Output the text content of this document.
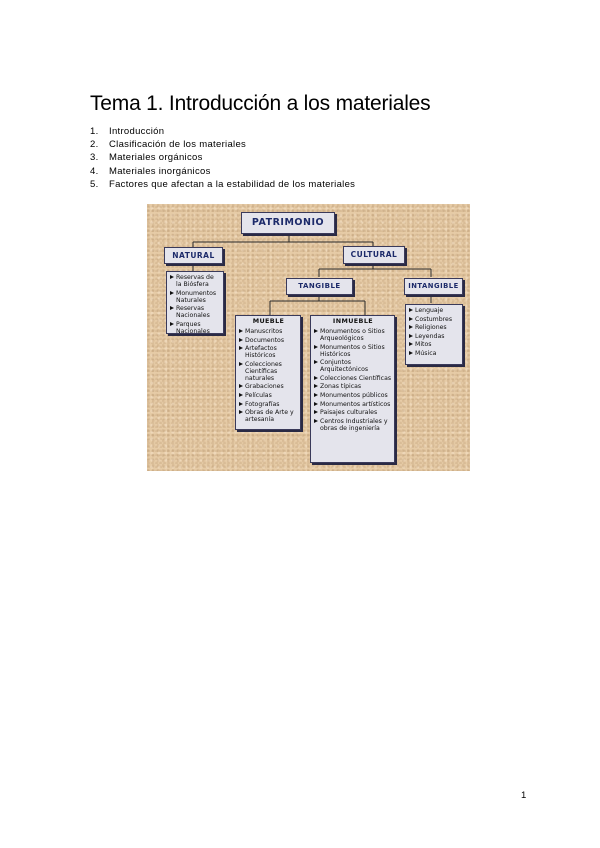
Tema 1. Introducción a los materiales
1.	Introducción
2.	Clasificación de los materiales
3.	Materiales orgánicos
4.	Materiales inorgánicos
5.	Factores que afectan a la estabilidad de los materiales
PATRIMONIO
NATURAL	CULTURAL
TANGIBLE	INTANGIBLE
Reservas de la Biósfera
Monumentos Naturales
Reservas Nacionales
Parques Nacionales
Lenguaje
Costumbres
Religiones
Leyendas
Mitos
Música
MUEBLE
Manuscritos
Documentos
Artefactos Históricos
Colecciones Científicas naturales
Grabaciones
Películas
Fotografías
Obras de Arte y artesanía
INMUEBLE
Monumentos o Sitios Arqueológicos
Monumentos o Sitios Históricos
Conjuntos Arquitectónicos
Colecciones Científicas
Zonas típicas
Monumentos públicos
Monumentos artísticos
Paisajes culturales
Centros Industriales y obras de ingeniería
1
